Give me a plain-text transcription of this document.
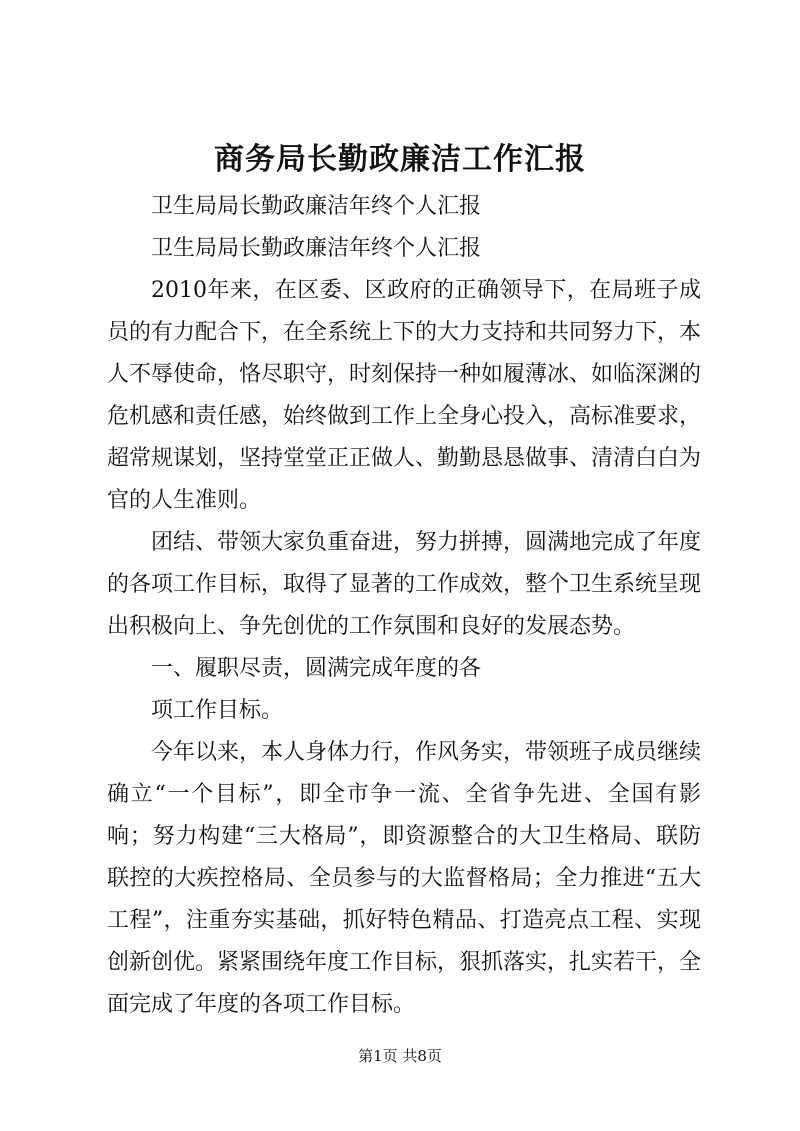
商务局长勤政廉洁工作汇报

卫生局局长勤政廉洁年终个人汇报

卫生局局长勤政廉洁年终个人汇报

2010年来，在区委、区政府的正确领导下，在局班子成员的有力配合下，在全系统上下的大力支持和共同努力下，本人不辱使命，恪尽职守，时刻保持一种如履薄冰、如临深渊的危机感和责任感，始终做到工作上全身心投入，高标准要求，超常规谋划，坚持堂堂正正做人、勤勤恳恳做事、清清白白为官的人生准则。

团结、带领大家负重奋进，努力拼搏，圆满地完成了年度的各项工作目标，取得了显著的工作成效，整个卫生系统呈现出积极向上、争先创优的工作氛围和良好的发展态势。

一、履职尽责，圆满完成年度的各

项工作目标。

今年以来，本人身体力行，作风务实，带领班子成员继续确立“一个目标”，即全市争一流、全省争先进、全国有影响；努力构建“三大格局”，即资源整合的大卫生格局、联防联控的大疾控格局、全员参与的大监督格局；全力推进“五大工程”，注重夯实基础，抓好特色精品、打造亮点工程、实现创新创优。紧紧围绕年度工作目标，狠抓落实，扎实若干，全面完成了年度的各项工作目标。

第1页 共8页
